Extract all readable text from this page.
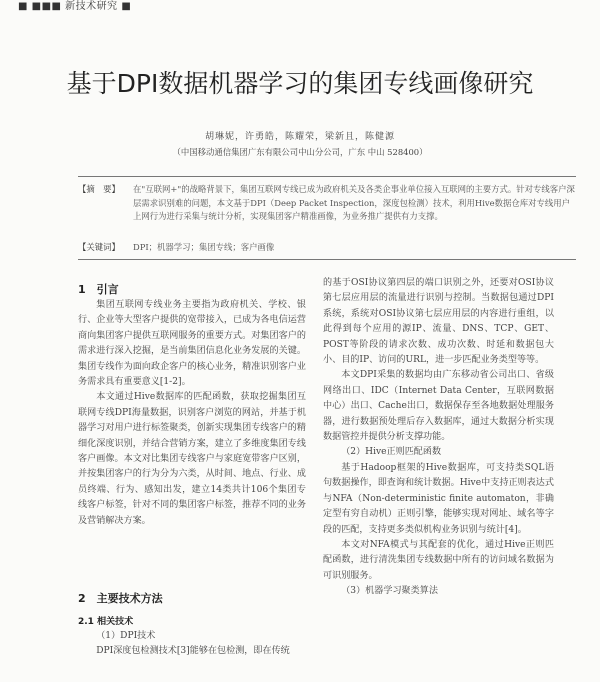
■ ■■■ 新技术研究 ■
基于DPI数据机器学习的集团专线画像研究
胡琳妮，许勇皓，陈耀荣，梁新且，陈健源
（中国移动通信集团广东有限公司中山分公司，广东 中山 528400）
【摘　要】 在"互联网+"的战略背景下，集团互联网专线已成为政府机关及各类企事业单位接入互联网的主要方式。针对专线客户深层需求识别难的问题，本文基于DPI（Deep Packet Inspection，深度包检测）技术，利用Hive数据仓库对专线用户上网行为进行采集与统计分析，实现集团客户精准画像，为业务推广提供有力支撑。
【关键词】 DPI；机器学习；集团专线；客户画像
1　引言

集团互联网专线业务主要指为政府机关、学校、银行、企业等大型客户提供的宽带接入，已成为各电信运营商向集团客户提供互联网服务的重要方式。对集团客户的需求进行深入挖掘，是当前集团信息化业务发展的关键。集团专线作为面向政企客户的核心业务，精准识别客户业务需求具有重要意义[1-2]。

本文通过Hive数据库的匹配函数，获取挖掘集团互联网专线DPI海量数据，识别客户浏览的网站，并基于机器学习对用户进行标签聚类，创新实现集团专线客户的精细化深度识别，并结合营销方案，建立了多维度集团专线客户画像。本文对比集团专线客户与家庭宽带客户区别，并按集团客户的行为分为六类，从时间、地点、行业、成员终端、行为、感知出发，建立14类共计106个集团专线客户标签，针对不同的集团客户标签，推荐不同的业务及营销解决方案。

2　主要技术方法
2.1 相关技术

（1）DPI技术

DPI深度包检测技术[3]能够在包检测，即在传统

的基于OSI协议第四层的端口识别之外，还要对OSI协议第七层应用层的流量进行识别与控制。当数据包通过DPI系统，系统对OSI协议第七层应用层的内容进行重组，以此得到每个应用的源IP、流量、DNS、TCP、GET、POST等阶段的请求次数、成功次数、时延和数据包大小、目的IP、访问的URL，进一步匹配业务类型等等。

本文DPI采集的数据均由广东移动省公司出口、省级网络出口、IDC（Internet Data Center，互联网数据中心）出口、Cache出口，数据保存至各地数据处理服务器，进行数据预处理后存入数据库，通过大数据分析实现数据管控并提供分析支撑功能。

（2）Hive正则匹配函数

基于Hadoop框架的Hive数据库，可支持类SQL语句数据操作，即查询和统计数据。Hive中支持正则表达式与NFA（Non-deterministic finite automaton，非确定型有穷自动机）正则引擎，能够实现对网址、域名等字段的匹配，支持更多类似机构业务识别与统计[4]。

本文对NFA模式与其配套的优化，通过Hive正则匹配函数，进行清洗集团专线数据中所有的访问域名数据为可识别服务。

（3）机器学习聚类算法
